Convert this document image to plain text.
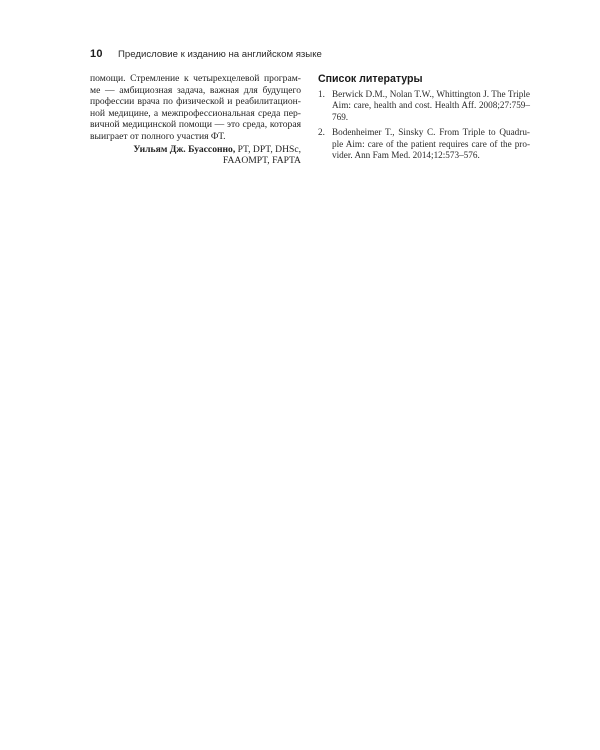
10	Предисловие к изданию на английском языке
помощи. Стремление к четырехцелевой програм-
ме — амбициозная задача, важная для будущего
профессии врача по физической и реабилитацион-
ной медицине, а межпрофессиональная среда пер-
вичной медицинской помощи — это среда, которая
выиграет от полного участия ФТ.
Уильям Дж. Буассонно, PT, DPT, DHSc,
FAAOMPT, FAPTA
Список литературы
1. Berwick D.M., Nolan T.W., Whittington J. The Triple
Aim: care, health and cost. Health Aff. 2008;27:759–
769.
2. Bodenheimer T., Sinsky C. From Triple to Quadru-
ple Aim: care of the patient requires care of the pro-
vider. Ann Fam Med. 2014;12:573–576.
